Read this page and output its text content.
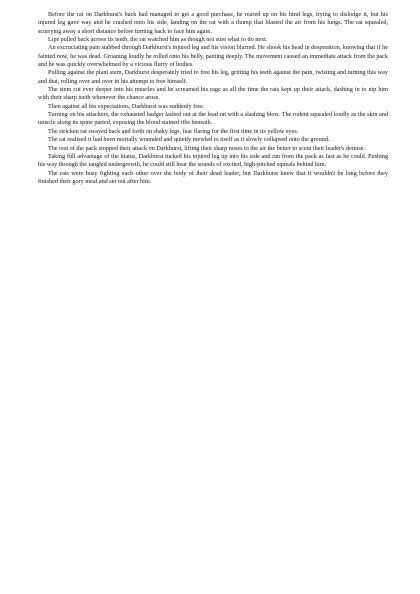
Before the rat on Darkburst's back had managed to get a good purchase, he reared up on his hind legs, trying to dislodge it, but his injured leg gave way and he crashed onto his side, landing on the rat with a thump that blasted the air from his lungs. The rat squealed, scurrying away a short distance before turning back to face him again.

Lips pulled back across its teeth, the rat watched him as though not sure what to do next.

An excruciating pain stabbed through Darkburst's injured leg and his vision blurred. He shook his head in desperation, knowing that if he fainted now, he was dead. Groaning loudly he rolled onto his belly, panting deeply. The movement caused an immediate attack from the pack and he was quickly overwhelmed by a vicious flurry of bodies.

Pulling against the plant stem, Darkburst desperately tried to free his leg, gritting his teeth against the pain, twisting and turning this way and that, rolling over and over in his attempt to free himself.

The stem cut ever deeper into his muscles and he screamed his rage as all the time the rats kept up their attack, dashing in to nip him with their sharp teeth whenever the chance arose.

Then against all his expectations, Darkburst was suddenly free.

Turning on his attackers, the exhausted badger lashed out at the lead rat with a slashing blow. The rodent squealed loudly as the skin and muscle along its spine parted, exposing the blood stained ribs beneath.

The stricken rat swayed back and forth on shaky legs, fear flaring for the first time in its yellow eyes.

The rat realised it had been mortally wounded and quietly mewled to itself as it slowly collapsed onto the ground.

The rest of the pack stopped their attack on Darkburst, lifting their sharp noses to the air the better to scent their leader's demise.

Taking full advantage of the hiatus, Darkburst tucked his injured leg up into his side and ran from the pack as fast as he could. Pushing his way through the tangled undergrowth, he could still hear the sounds of excited, high-pitched squeals behind him.

The rats were busy fighting each other over the body of their dead leader, but Darkburst knew that it wouldn't be long before they finished their gory meal and set out after him.
